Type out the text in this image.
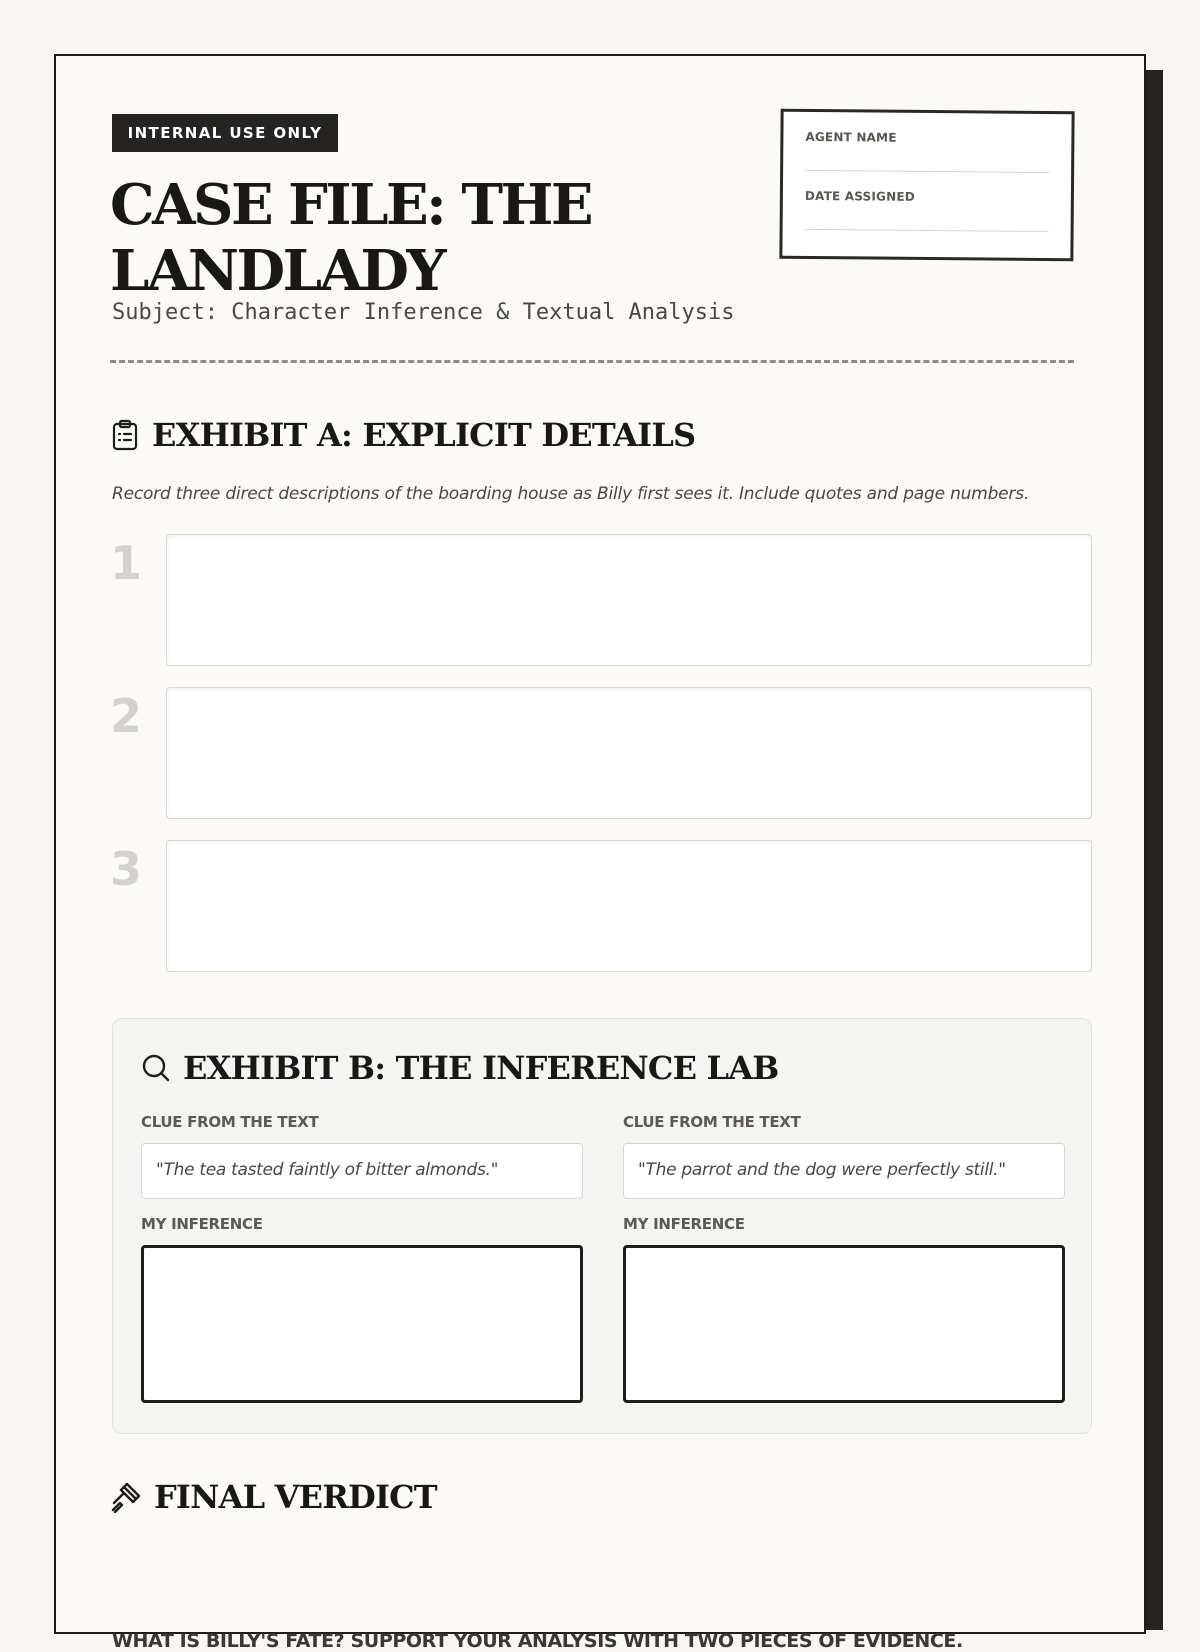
INTERNAL USE ONLY
CASE FILE: THE LANDLADY

Subject: Character Inference & Textual Analysis

AGENT NAME
DATE ASSIGNED
EXHIBIT A: EXPLICIT DETAILS

Record three direct descriptions of the boarding house as Billy first sees it. Include quotes and page numbers.

1
2
3
EXHIBIT B: THE INFERENCE LAB
CLUE FROM THE TEXT
"The tea tasted faintly of bitter almonds."
MY INFERENCE
CLUE FROM THE TEXT
"The parrot and the dog were perfectly still."
MY INFERENCE
FINAL VERDICT

WHAT IS BILLY'S FATE? SUPPORT YOUR ANALYSIS WITH TWO PIECES OF EVIDENCE.
